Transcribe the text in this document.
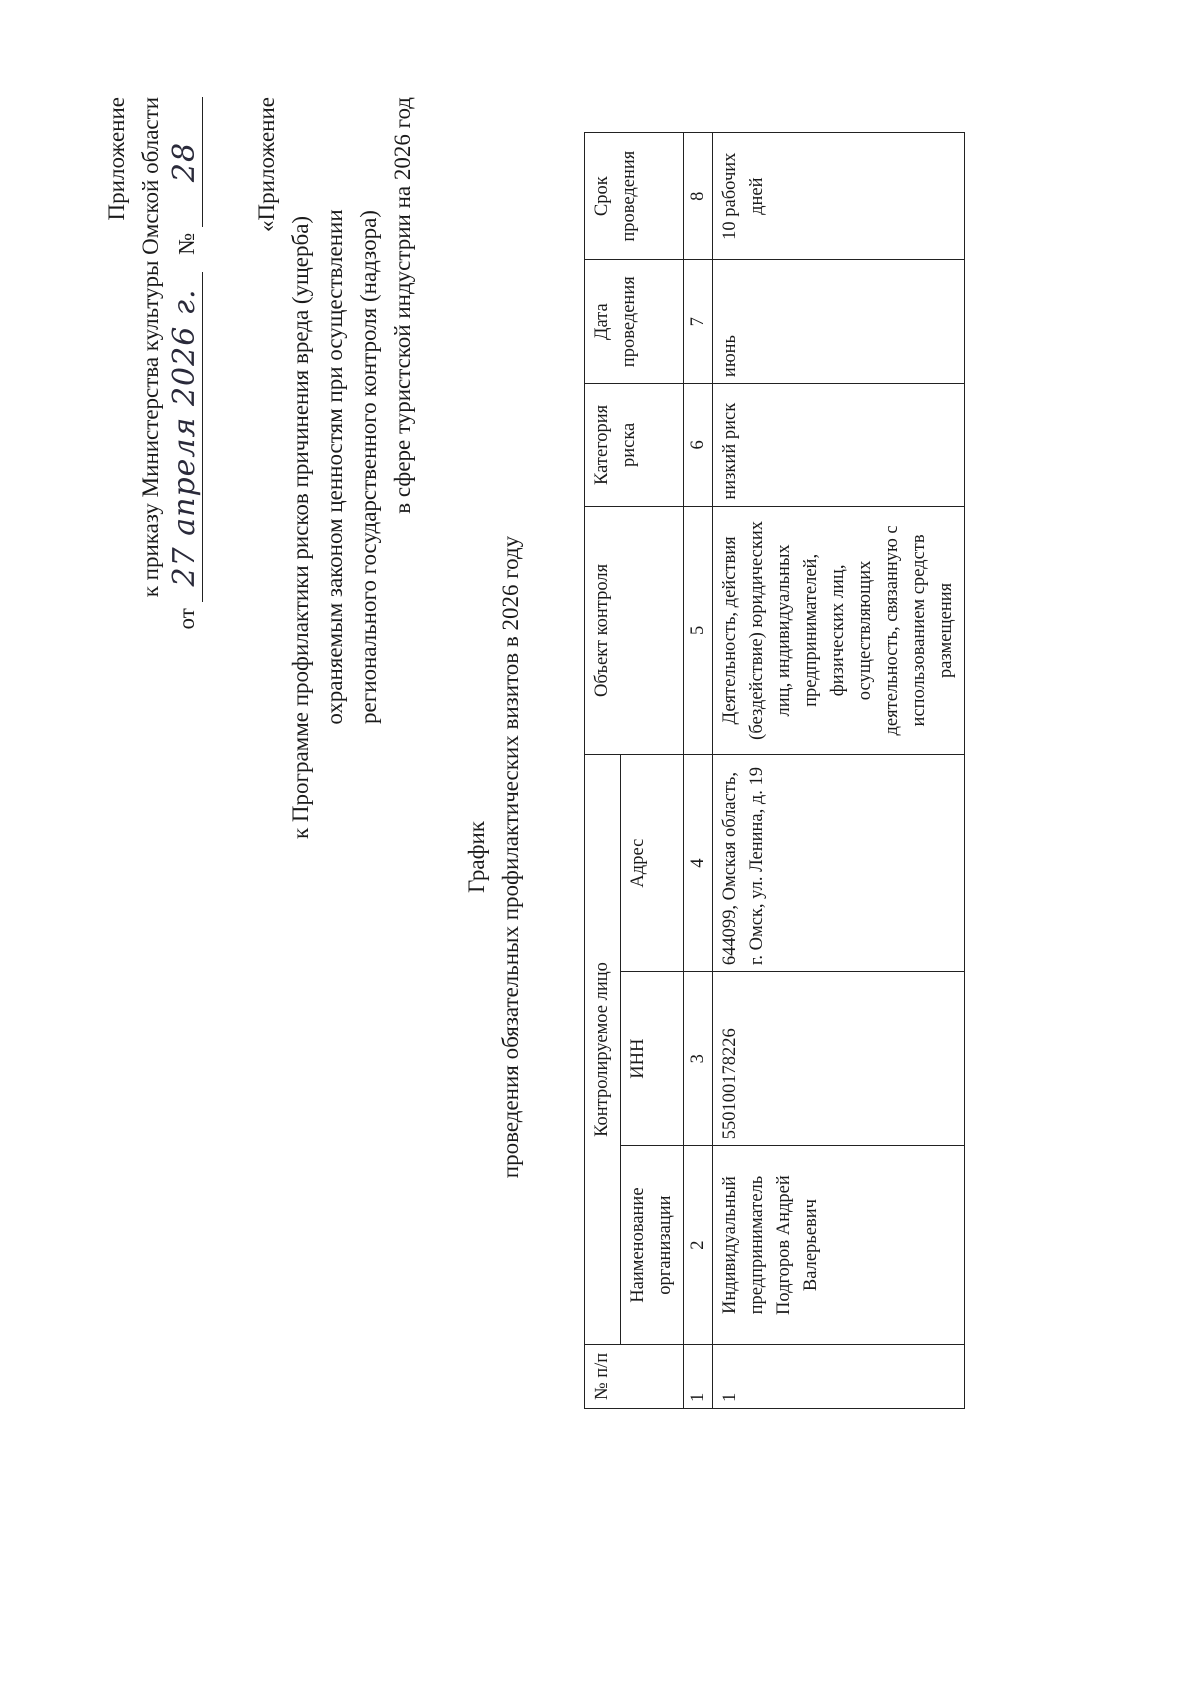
Приложение к приказу Министерства культуры Омской области
от 27 апреля 2026 г. № 28 «Приложение
к Программе профилактики рисков причинения вреда (ущерба) охраняемым законом ценностям при осуществлении регионального государственного контроля (надзора) в сфере туристской индустрии на 2026 год
График проведения обязательных профилактических визитов в 2026 году
№ п/п	Контролируемое лицо			Объект контроля	Категория риска	Дата проведения	Срок проведения
	Наименование организации	ИНН	Адрес				
1	2	3	4	5	6	7	8
1	Индивидуальный предприниматель Подгоров Андрей Валерьевич	550100178226	644099, Омская область, г. Омск, ул. Ленина, д. 19	Деятельность, действия (бездействие) юридических лиц, индивидуальных предпринимателей, физических лиц, осуществляющих деятельность, связанную с использованием средств размещения	низкий риск	июнь	10 рабочих дней
